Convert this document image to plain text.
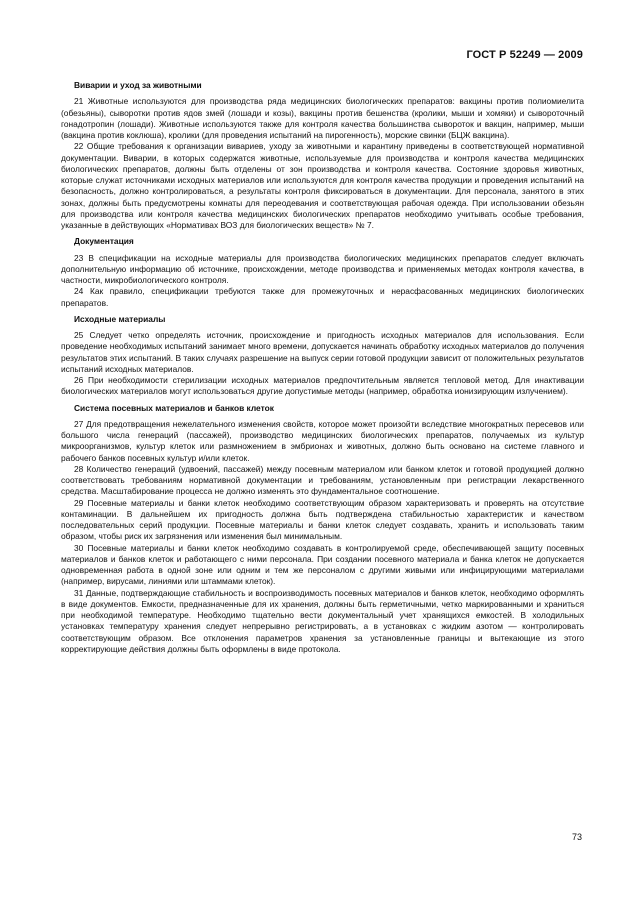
ГОСТ Р 52249 — 2009

Виварии и уход за животными

21 Животные используются для производства ряда медицинских биологических препаратов: вакцины против полиомиелита (обезьяны), сыворотки против ядов змей (лошади и козы), вакцины против бешенства (кролики, мыши и хомяки) и сывороточный гонадотропин (лошади). Животные используются также для контроля качества большинства сывороток и вакцин, например, мыши (вакцина против коклюша), кролики (для проведения испытаний на пирогенность), морские свинки (БЦЖ вакцина).

22 Общие требования к организации вивариев, уходу за животными и карантину приведены в соответствующей нормативной документации. Виварии, в которых содержатся животные, используемые для производства и контроля качества медицинских биологических препаратов, должны быть отделены от зон производства и контроля качества. Состояние здоровья животных, которые служат источниками исходных материалов или используются для контроля качества продукции и проведения испытаний на безопасность, должно контролироваться, а результаты контроля фиксироваться в документации. Для персонала, занятого в этих зонах, должны быть предусмотрены комнаты для переодевания и соответствующая рабочая одежда. При использовании обезьян для производства или контроля качества медицинских биологических препаратов необходимо учитывать особые требования, указанные в действующих «Нормативах ВОЗ для биологических веществ» № 7.

Документация

23 В спецификации на исходные материалы для производства биологических медицинских препаратов следует включать дополнительную информацию об источнике, происхождении, методе производства и применяемых методах контроля качества, в частности, микробиологического контроля.

24 Как правило, спецификации требуются также для промежуточных и нерасфасованных медицинских биологических препаратов.

Исходные материалы

25 Следует четко определять источник, происхождение и пригодность исходных материалов для использования. Если проведение необходимых испытаний занимает много времени, допускается начинать обработку исходных материалов до получения результатов этих испытаний. В таких случаях разрешение на выпуск серии готовой продукции зависит от положительных результатов испытаний исходных материалов.

26 При необходимости стерилизации исходных материалов предпочтительным является тепловой метод. Для инактивации биологических материалов могут использоваться другие допустимые методы (например, обработка ионизирующим излучением).

Система посевных материалов и банков клеток

27 Для предотвращения нежелательного изменения свойств, которое может произойти вследствие многократных пересевов или большого числа генераций (пассажей), производство медицинских биологических препаратов, получаемых из культур микроорганизмов, культур клеток или размножением в эмбрионах и животных, должно быть основано на системе главного и рабочего банков посевных культур и/или клеток.

28 Количество генераций (удвоений, пассажей) между посевным материалом или банком клеток и готовой продукцией должно соответствовать требованиям нормативной документации и требованиям, установленным при регистрации лекарственного средства. Масштабирование процесса не должно изменять это фундаментальное соотношение.

29 Посевные материалы и банки клеток необходимо соответствующим образом характеризовать и проверять на отсутствие контаминации. В дальнейшем их пригодность должна быть подтверждена стабильностью характеристик и качеством последовательных серий продукции. Посевные материалы и банки клеток следует создавать, хранить и использовать таким образом, чтобы риск их загрязнения или изменения был минимальным.

30 Посевные материалы и банки клеток необходимо создавать в контролируемой среде, обеспечивающей защиту посевных материалов и банков клеток и работающего с ними персонала. При создании посевного материала и банка клеток не допускается одновременная работа в одной зоне или одним и тем же персоналом с другими живыми или инфицирующими материалами (например, вирусами, линиями или штаммами клеток).

31 Данные, подтверждающие стабильность и воспроизводимость посевных материалов и банков клеток, необходимо оформлять в виде документов. Емкости, предназначенные для их хранения, должны быть герметичными, четко маркированными и храниться при необходимой температуре. Необходимо тщательно вести документальный учет хранящихся емкостей. В холодильных установках температуру хранения следует непрерывно регистрировать, а в установках с жидким азотом — контролировать соответствующим образом. Все отклонения параметров хранения за установленные границы и вытекающие из этого корректирующие действия должны быть оформлены в виде протокола.

73
